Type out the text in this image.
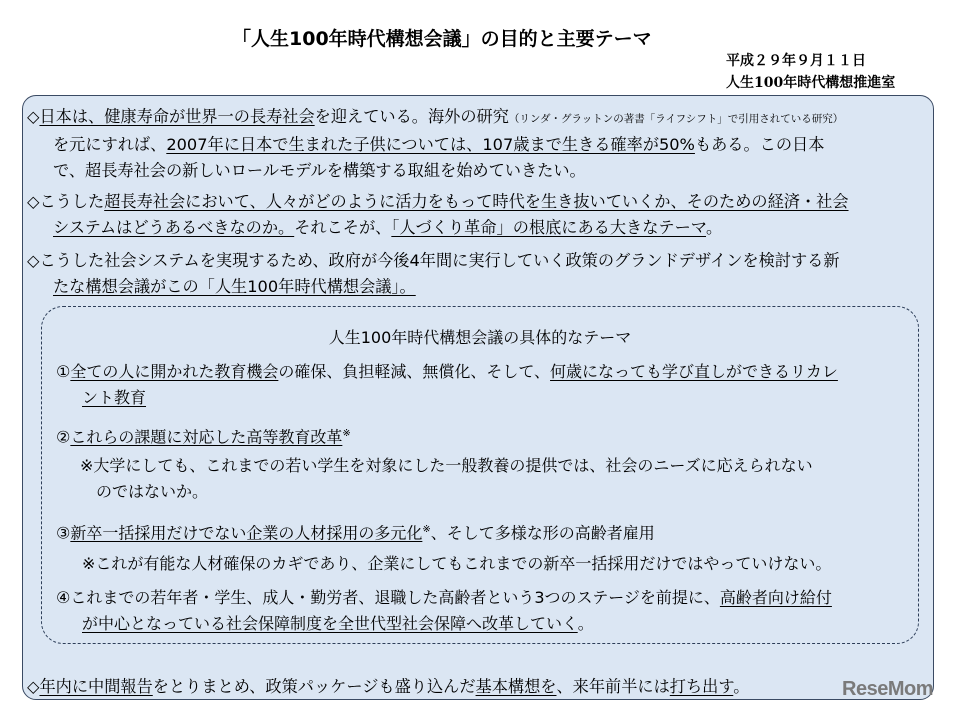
「人生100年時代構想会議」の目的と主要テーマ
平成２９年９月１１日
人生100年時代構想推進室
◇日本は、健康寿命が世界一の長寿社会を迎えている。海外の研究（リンダ・グラットンの著書「ライフシフト」で引用されている研究）
を元にすれば、2007年に日本で生まれた子供については、107歳まで生きる確率が50%もある。この日本
で、超長寿社会の新しいロールモデルを構築する取組を始めていきたい。
◇こうした超長寿社会において、人々がどのように活力をもって時代を生き抜いていくか、そのための経済・社会
システムはどうあるべきなのか。それこそが、「人づくり革命」の根底にある大きなテーマ。
◇こうした社会システムを実現するため、政府が今後4年間に実行していく政策のグランドデザインを検討する新
たな構想会議がこの「人生100年時代構想会議」。
人生100年時代構想会議の具体的なテーマ
①全ての人に開かれた教育機会の確保、負担軽減、無償化、そして、何歳になっても学び直しができるリカレ
ント教育
②これらの課題に対応した高等教育改革※
※大学にしても、これまでの若い学生を対象にした一般教養の提供では、社会のニーズに応えられない
のではないか。
③新卒一括採用だけでない企業の人材採用の多元化※、そして多様な形の高齢者雇用
※これが有能な人材確保のカギであり、企業にしてもこれまでの新卒一括採用だけではやっていけない。
④これまでの若年者・学生、成人・勤労者、退職した高齢者という3つのステージを前提に、高齢者向け給付
が中心となっている社会保障制度を全世代型社会保障へ改革していく。
◇年内に中間報告をとりまとめ、政策パッケージも盛り込んだ基本構想を、来年前半には打ち出す。	ReseMom
